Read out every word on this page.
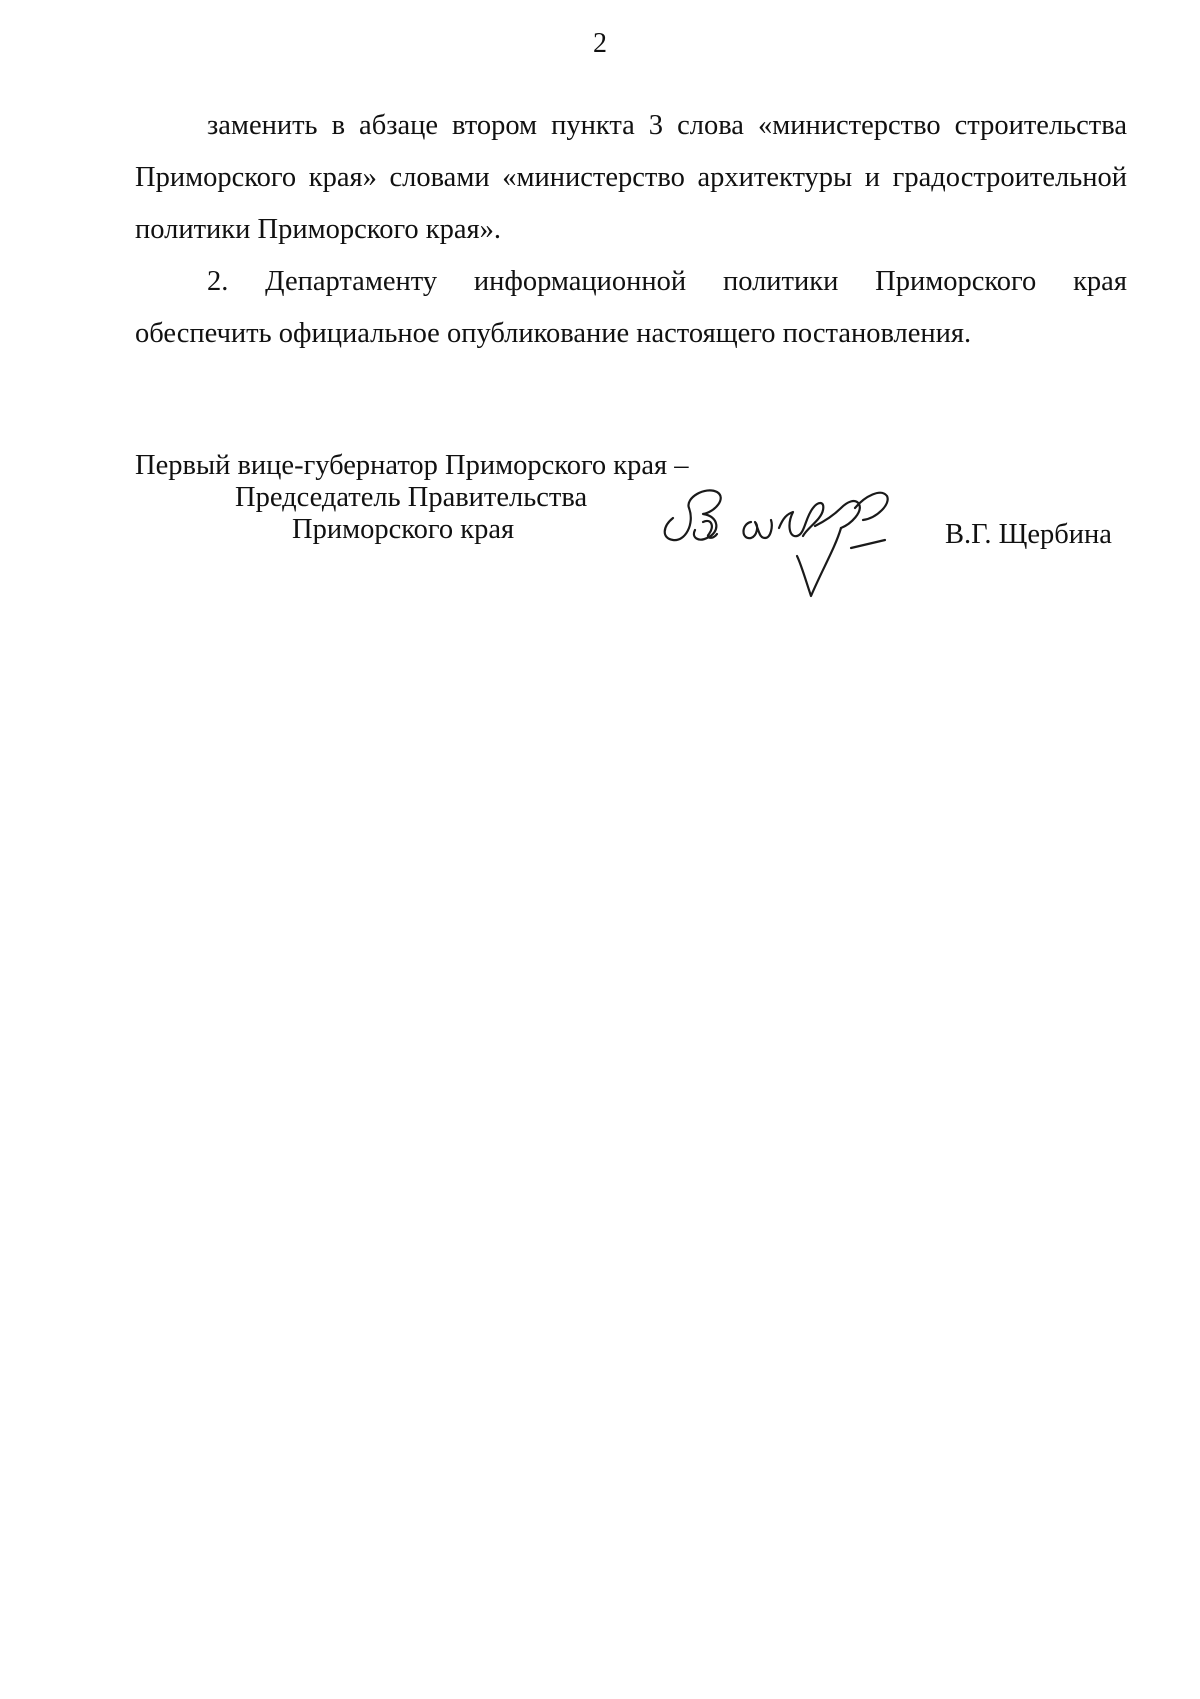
2

заменить в абзаце втором пункта 3 слова «министерство строительства Приморского края» словами «министерство архитектуры и градостроительной политики Приморского края».

2. Департаменту информационной политики Приморского края

обеспечить официальное опубликование настоящего постановления.

Первый вице-губернатор Приморского края –
Председатель Правительства
Приморского края	В.Г. Щербина
